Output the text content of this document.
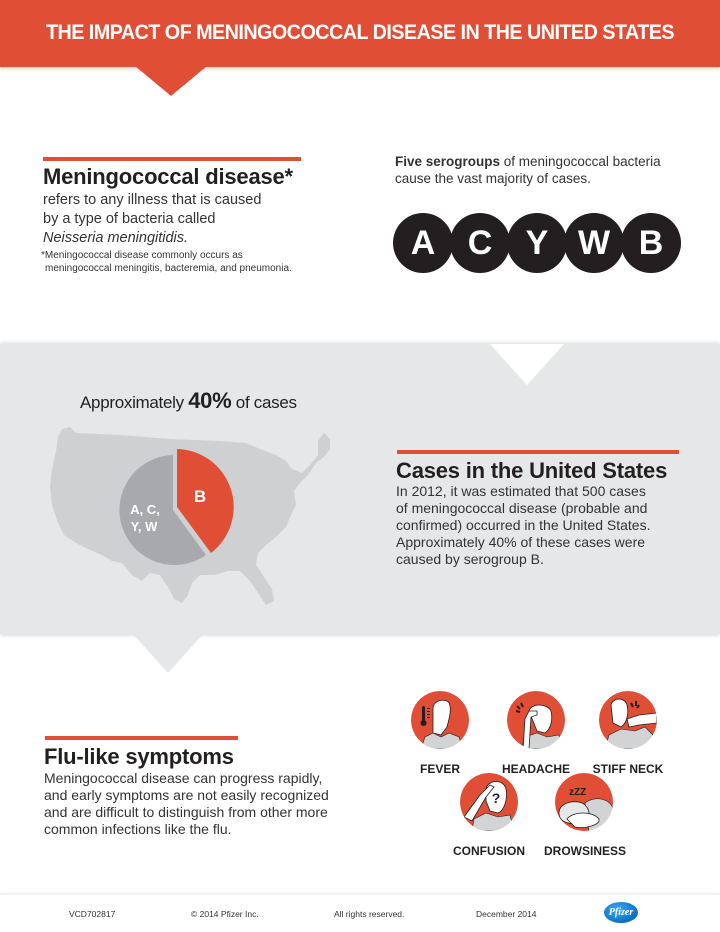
THE IMPACT OF MENINGOCOCCAL DISEASE IN THE UNITED STATES
Meningococcal disease*
refers to any illness that is caused
by a type of bacteria called
Neisseria meningitidis.
*Meningococcal disease commonly occurs as
meningococcal meningitis, bacteremia, and pneumonia.
Five serogroups of meningococcal bacteria
cause the vast majority of cases.
A C Y W B
Approximately 40% of cases
B
A, C,
Y, W
Cases in the United States
In 2012, it was estimated that 500 cases
of meningococcal disease (probable and
confirmed) occurred in the United States.
Approximately 40% of these cases were
caused by serogroup B.
Flu-like symptoms
Meningococcal disease can progress rapidly,
and early symptoms are not easily recognized
and are difficult to distinguish from other more
common infections like the flu.
FEVER	HEADACHE	STIFF NECK
?
CONFUSION
zZZ
DROWSINESS
VCD702817	© 2014 Pfizer Inc.	All rights reserved.	December 2014	Pfizer
